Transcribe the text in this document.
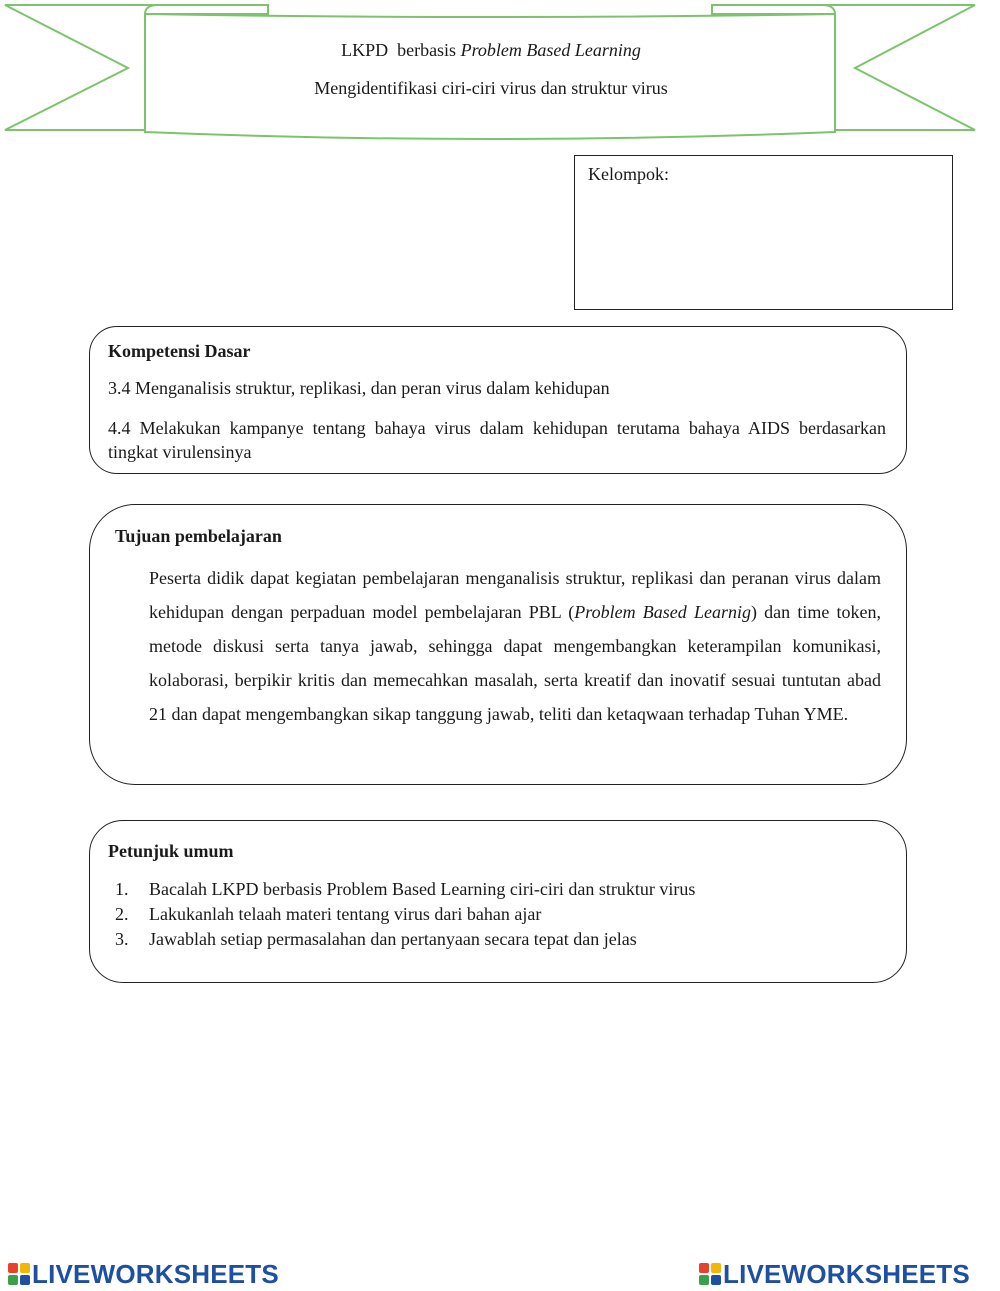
LKPD  berbasis Problem Based Learning
Mengidentifikasi ciri-ciri virus dan struktur virus
Kelompok:
Kompetensi Dasar
3.4 Menganalisis struktur, replikasi, dan peran virus dalam kehidupan
4.4 Melakukan kampanye tentang bahaya virus dalam kehidupan terutama bahaya AIDS berdasarkan tingkat virulensinya
Tujuan pembelajaran
Peserta didik dapat kegiatan pembelajaran menganalisis struktur, replikasi dan peranan virus dalam kehidupan dengan perpaduan model pembelajaran PBL (Problem Based Learnig) dan time token, metode diskusi serta tanya jawab, sehingga dapat mengembangkan keterampilan komunikasi, kolaborasi, berpikir kritis dan memecahkan masalah, serta kreatif dan inovatif sesuai tuntutan abad 21 dan dapat mengembangkan sikap tanggung jawab, teliti dan ketaqwaan terhadap Tuhan YME.
Petunjuk umum
1.	Bacalah LKPD berbasis Problem Based Learning ciri-ciri dan struktur virus
2.	Lakukanlah telaah materi tentang virus dari bahan ajar
3.	Jawablah setiap permasalahan dan pertanyaan secara tepat dan jelas
LIVEWORKSHEETS	LIVEWORKSHEETS
